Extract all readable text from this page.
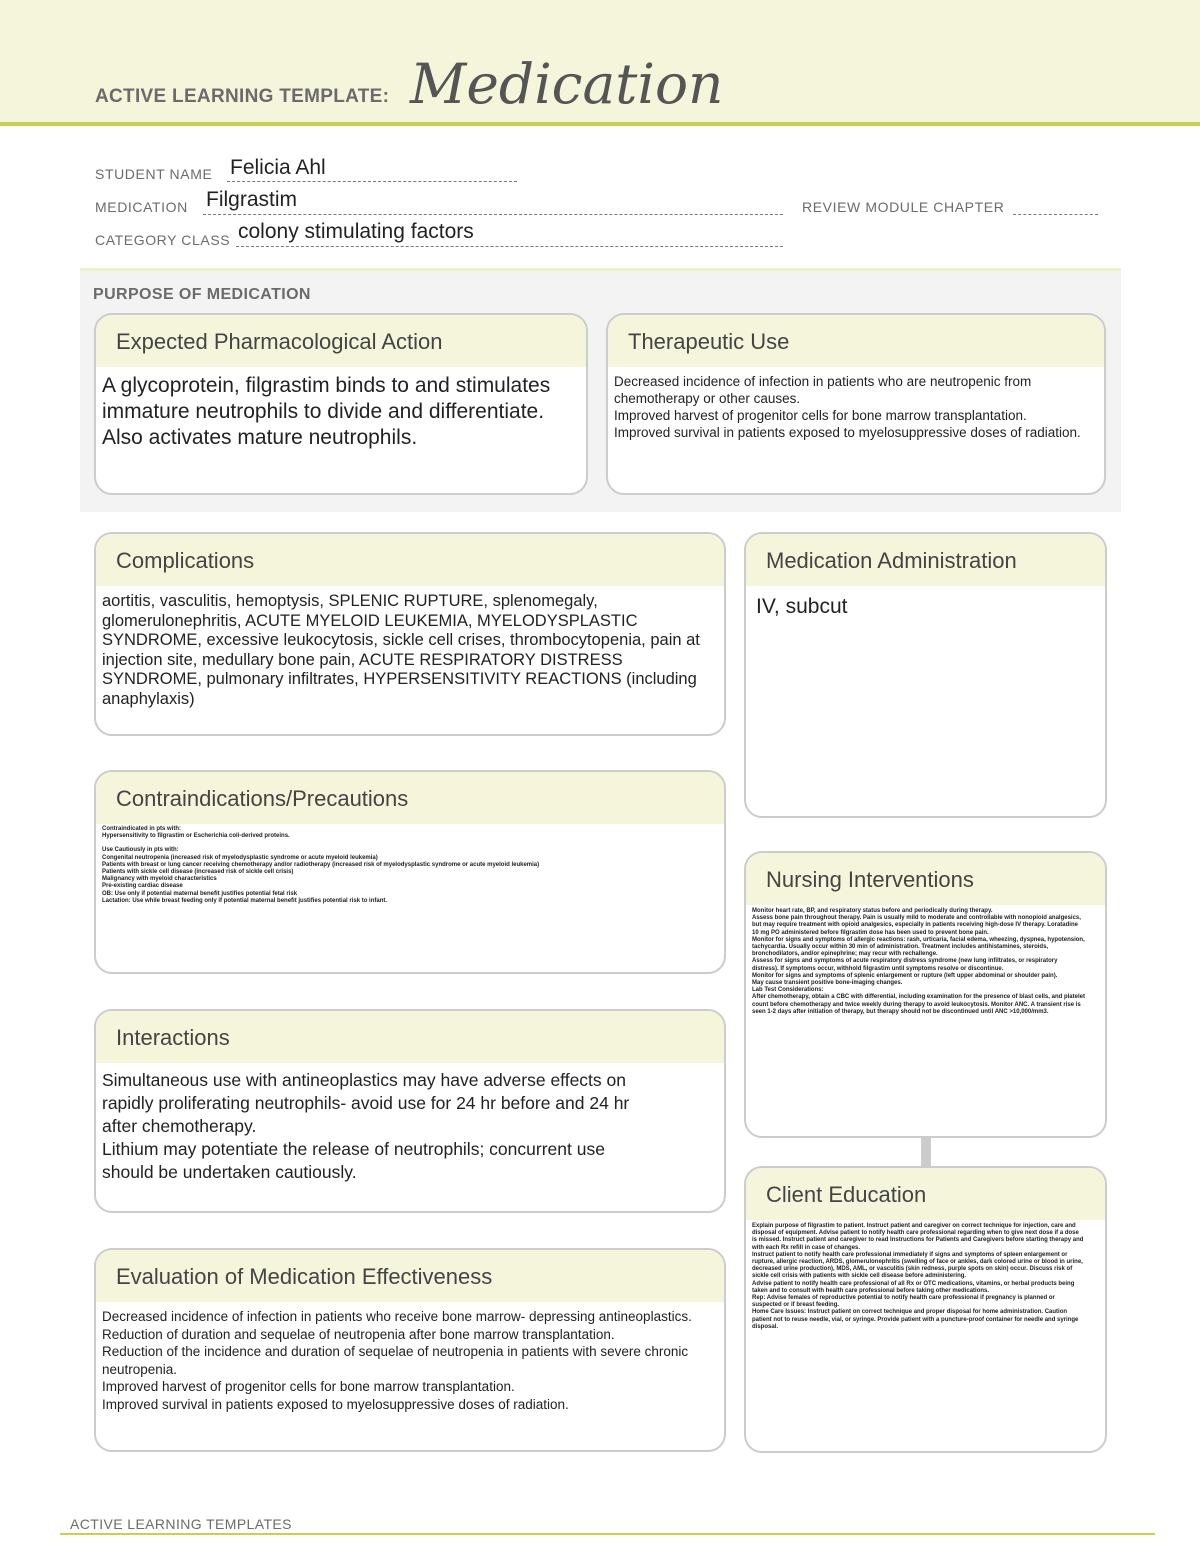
ACTIVE LEARNING TEMPLATE: Medication
STUDENT NAME Felicia Ahl
MEDICATION Filgrastim	REVIEW MODULE CHAPTER
CATEGORY CLASS colony stimulating factors
PURPOSE OF MEDICATION
Expected Pharmacological Action
A glycoprotein, filgrastim binds to and stimulates immature neutrophils to divide and differentiate. Also activates mature neutrophils.
Therapeutic Use

Decreased incidence of infection in patients who are neutropenic from chemotherapy or other causes.

Improved harvest of progenitor cells for bone marrow transplantation.

Improved survival in patients exposed to myelosuppressive doses of radiation.

Complications
aortitis, vasculitis, hemoptysis, SPLENIC RUPTURE, splenomegaly, glomerulonephritis, ACUTE MYELOID LEUKEMIA, MYELODYSPLASTIC SYNDROME, excessive leukocytosis, sickle cell crises, thrombocytopenia, pain at injection site, medullary bone pain, ACUTE RESPIRATORY DISTRESS SYNDROME, pulmonary infiltrates, HYPERSENSITIVITY REACTIONS (including anaphylaxis)
Medication Administration
IV, subcut
Contraindications/Precautions

Contraindicated in pts with:

Hypersensitivity to filgrastim or Escherichia coli-derived proteins.

Use Cautiously in pts with:

Congenital neutropenia (increased risk of myelodysplastic syndrome or acute myeloid leukemia)

Patients with breast or lung cancer receiving chemotherapy and/or radiotherapy (increased risk of myelodysplastic syndrome or acute myeloid leukemia)

Patients with sickle cell disease (increased risk of sickle cell crisis)

Malignancy with myeloid characteristics

Pre-existing cardiac disease

OB: Use only if potential maternal benefit justifies potential fetal risk

Lactation: Use while breast feeding only if potential maternal benefit justifies potential risk to infant.

Nursing Interventions

Monitor heart rate, BP, and respiratory status before and periodically during therapy.

Assess bone pain throughout therapy. Pain is usually mild to moderate and controllable with nonopioid analgesics, but may require treatment with opioid analgesics, especially in patients receiving high-dose IV therapy. Loratadine 10 mg PO administered before filgrastim dose has been used to prevent bone pain.

Monitor for signs and symptoms of allergic reactions: rash, urticaria, facial edema, wheezing, dyspnea, hypotension, tachycardia. Usually occur within 30 min of administration. Treatment includes antihistamines, steroids, bronchodilators, and/or epinephrine; may recur with rechallenge.

Assess for signs and symptoms of acute respiratory distress syndrome (new lung infiltrates, or respiratory distress). If symptoms occur, withhold filgrastim until symptoms resolve or discontinue.

Monitor for signs and symptoms of splenic enlargement or rupture (left upper abdominal or shoulder pain).

May cause transient positive bone-imaging changes.

Lab Test Considerations:

After chemotherapy, obtain a CBC with differential, including examination for the presence of blast cells, and platelet count before chemotherapy and twice weekly during therapy to avoid leukocytosis. Monitor ANC. A transient rise is seen 1-2 days after initiation of therapy, but therapy should not be discontinued until ANC >10,000/mm3.

Interactions

Simultaneous use with antineoplastics may have adverse effects on

rapidly proliferating neutrophils- avoid use for 24 hr before and 24 hr

after chemotherapy.

Lithium may potentiate the release of neutrophils; concurrent use

should be undertaken cautiously.

Client Education

Explain purpose of filgrastim to patient. Instruct patient and caregiver on correct technique for injection, care and disposal of equipment. Advise patient to notify health care professional regarding when to give next dose if a dose is missed. Instruct patient and caregiver to read Instructions for Patients and Caregivers before starting therapy and with each Rx refill in case of changes.

Instruct patient to notify health care professional immediately if signs and symptoms of spleen enlargement or rupture, allergic reaction, ARDS, glomerulonephritis (swelling of face or ankles, dark colored urine or blood in urine, decreased urine production), MDS, AML, or vasculitis (skin redness, purple spots on skin) occur. Discuss risk of sickle cell crisis with patients with sickle cell disease before administering.

Advise patient to notify health care professional of all Rx or OTC medications, vitamins, or herbal products being taken and to consult with health care professional before taking other medications.

Rep: Advise females of reproductive potential to notify health care professional if pregnancy is planned or suspected or if breast feeding.

Home Care Issues: Instruct patient on correct technique and proper disposal for home administration. Caution patient not to reuse needle, vial, or syringe. Provide patient with a puncture-proof container for needle and syringe disposal.

Evaluation of Medication Effectiveness

Decreased incidence of infection in patients who receive bone marrow- depressing antineoplastics.

Reduction of duration and sequelae of neutropenia after bone marrow transplantation.

Reduction of the incidence and duration of sequelae of neutropenia in patients with severe chronic neutropenia.

Improved harvest of progenitor cells for bone marrow transplantation.

Improved survival in patients exposed to myelosuppressive doses of radiation.

ACTIVE LEARNING TEMPLATES
